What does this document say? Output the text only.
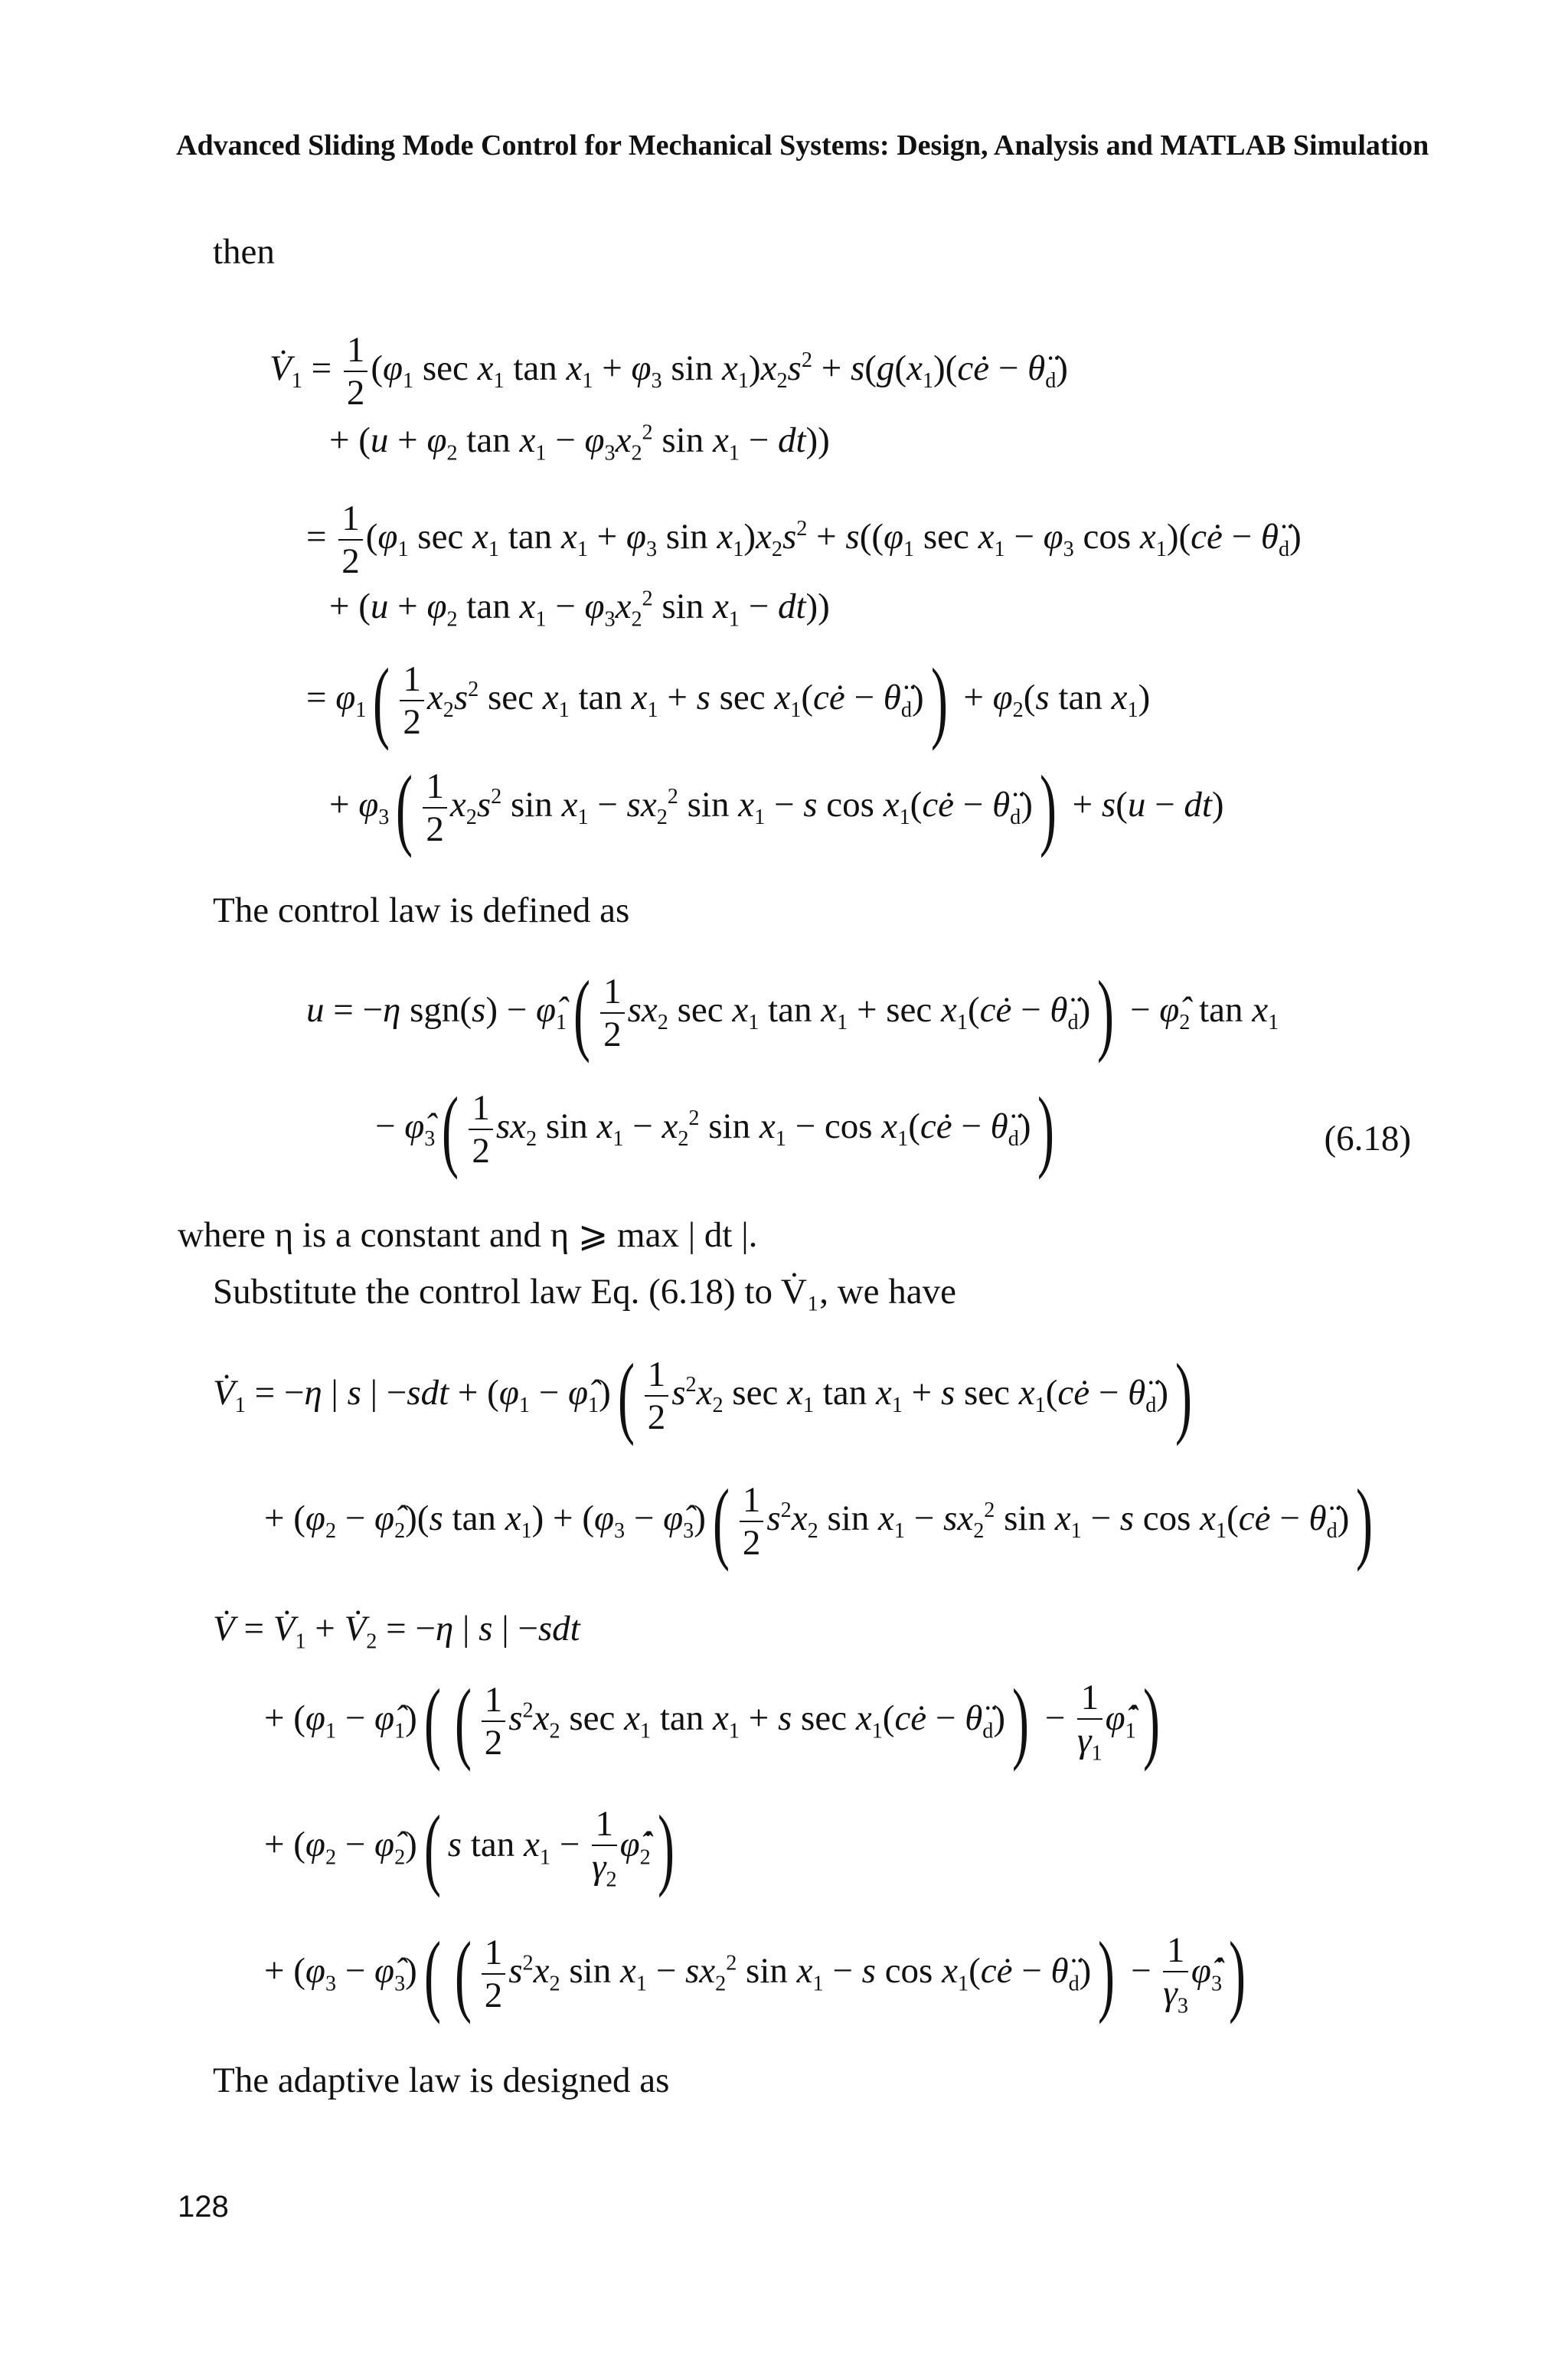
Advanced Sliding Mode Control for Mechanical Systems: Design, Analysis and MATLAB Simulation
then
$V̇_1 = \frac{1}{2} (\varphi_1$ $\sec x_1$ $\tan x_1 + \varphi_3$ $\sin x_1)x_2s^2$ + $s(g(x_1)(cė$ − $\thetä_d$)
+ ($u + \varphi_2$ $\tan x_1 - \varphi_3x_2^2$ $\sin x_1 - dt$))
= $\frac{1}{2} (\varphi_1$ $\sec x_1$ $\tan x_1 + \varphi_3$ $\sin x_1)x_2s^2 + s((\varphi_1$ $\sec x_1 - \varphi_3$ $\cos x_1)(cė$ − $\thetä_d$)
+ ($u + \varphi_2$ $\tan x_1 - \varphi_3x_2^2$ $\sin x_1 - dt$))
= $\varphi_1( \frac{1}{2} x_2s^2$ $\sec x_1$ $\tan x_1 + s$ $\sec x_1(cė$ − $\thetä_d)) + \varphi_2(s$ $\tan x_1$)
+ $\varphi_3( \frac{1}{2} x_2s^2$ $\sin x_1 - sx_2^2$ $\sin x_1 - s$ $\cos x_1(cė$ − $\thetä_d)) + s(u - dt)$
The control law is defined as
u = −η $sgn(s) - \varphî_1( \frac{1}{2} sx_2$ $\sec x_1$ $\tan x_1 + \sec$ $x_1(cė$ − $\thetä_d$)) − $\varphî_2$ $\tan x_1$
− $\varphî_3( \frac{1}{2} sx_2$ $\sin x_1 - x_2^2$ $\sin x_1 - \cos$ $x_1(cė$ − $\thetä_d$))	(6.18)
where η is a constant and η ⩾ max | dt |.
Substitute the control law Eq. (6.18) to V̇₁, we have
$V̇_1 = -\eta$ | s | $-sdt + (\varphi_1$ − $\varphî_1)( \frac{1}{2} s^2x_2$ $\sec x_1$ $\tan x_1 + s$ $\sec x_1(cė$ − $\thetä_d$))
+ ($\varphi_2$ − $\varphî_2)(s$ $\tan x_1) + (\varphi_3$ − $\varphî_3)( \frac{1}{2} s^2x_2$ $\sin x_1 - sx_2^2$ $\sin x_1 - s$ $\cos x_1(cė$ − $\thetä_d$))
V̇ = $V̇_1$ + $V̇_2 = -\eta$ | s | −sdt
+ ($\varphi_1$ − $\varphî_1$)( ( $\frac{1}{2} s^2x_2$ $\sec x_1$ $\tan x_1 + s$ $\sec x_1(cė$ − $\thetä_d)) - \frac{1}{\gamma_1}$ $\varphî̇_1$)
+ ($\varphi_2$ − $\varphî_2$)( s $\tan x_1 - \frac{1}{\gamma_2}$ $\varphî̇_2$)
+ ($\varphi_3$ − $\varphî_3$)( ( $\frac{1}{2} s^2x_2$ $\sin x_1 - sx_2^2$ $\sin x_1 - s$ $\cos x_1(cė$ − $\thetä_d)) - \frac{1}{\gamma_3}$ $\varphî̇_3$)
The adaptive law is designed as
128
